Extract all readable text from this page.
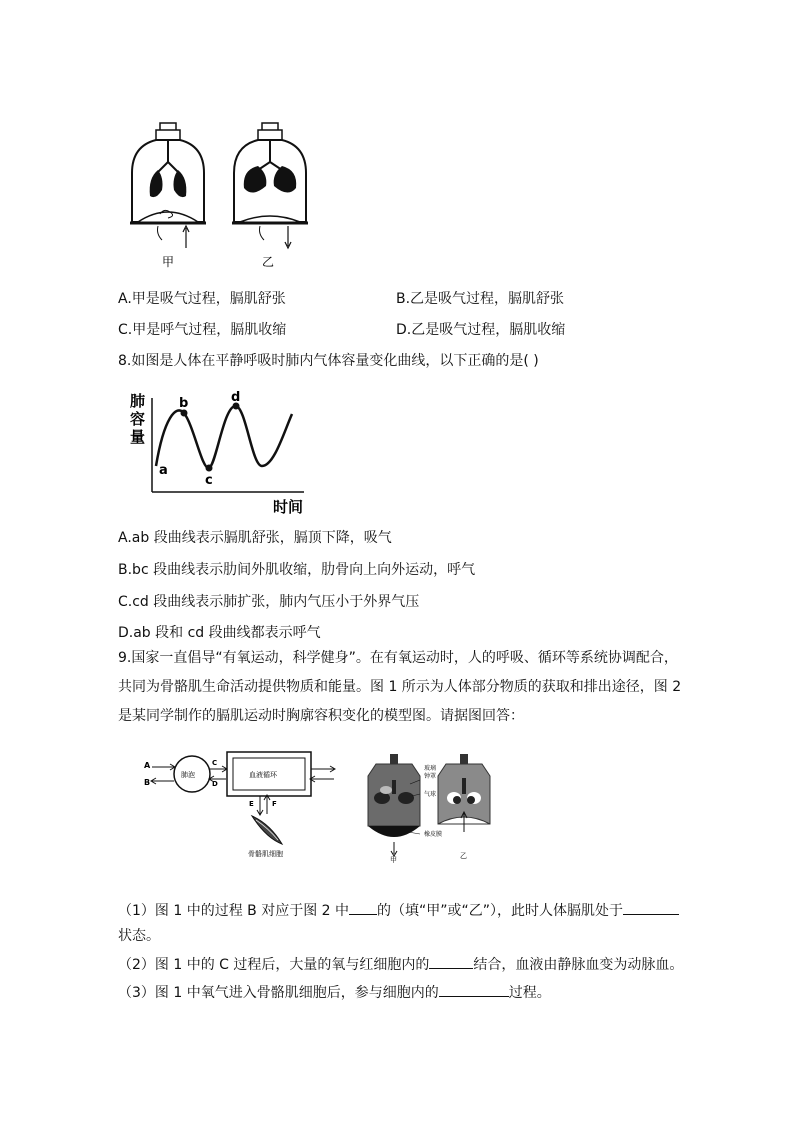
甲	乙
A.甲是吸气过程，膈肌舒张	B.乙是吸气过程，膈肌舒张
C.甲是呼气过程，膈肌收缩	D.乙是吸气过程，膈肌收缩
8.如图是人体在平静呼吸时肺内气体容量变化曲线，以下正确的是( )
肺
容
量
a
b
c
d
时间
A.ab 段曲线表示膈肌舒张，膈顶下降，吸气
B.bc 段曲线表示肋间外肌收缩，肋骨向上向外运动，呼气
C.cd 段曲线表示肺扩张，肺内气压小于外界气压
D.ab 段和 cd 段曲线都表示呼气
9.国家一直倡导“有氧运动，科学健身”。在有氧运动时，人的呼吸、循环等系统协调配合，
共同为骨骼肌生命活动提供物质和能量。图 1 所示为人体部分物质的获取和排出途径，图 2
是某同学制作的膈肌运动时胸廓容积变化的模型图。请据图回答：
A
B
肺泡
C
D
血液循环
E	F
骨骼肌细胞
玻璃
钟罩
气球
橡皮膜
甲	乙
（1）图 1 中的过程 B 对应于图 2 中 的（填“甲”或“乙”），此时人体膈肌处于
状态。
（2）图 1 中的 C 过程后，大量的氧与红细胞内的	结合，血液由静脉血变为动脉血。
（3）图 1 中氧气进入骨骼肌细胞后，参与细胞内的	过程。
